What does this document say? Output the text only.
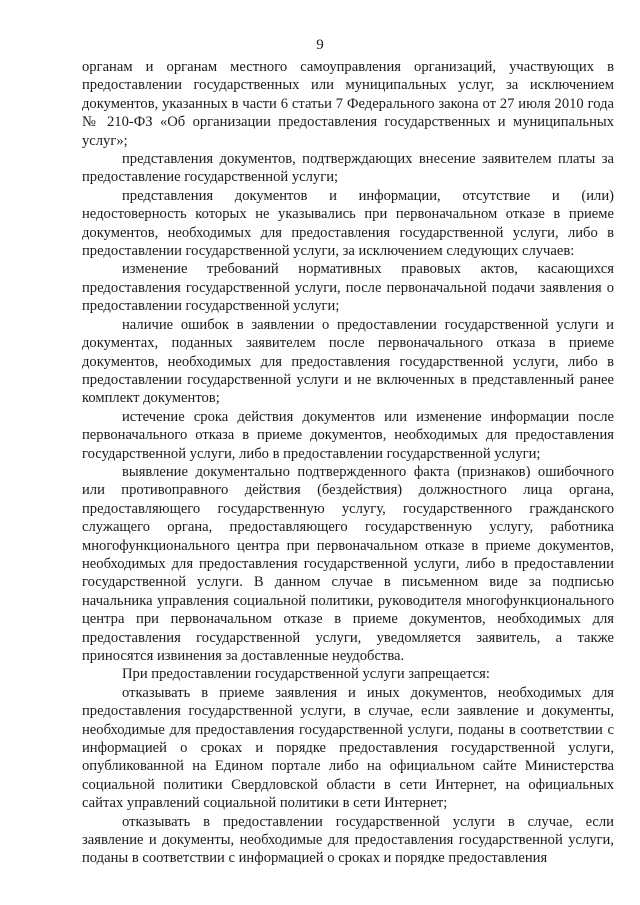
9

органам и органам местного самоуправления организаций, участвующих в предоставлении государственных или муниципальных услуг, за исключением документов, указанных в части 6 статьи 7 Федерального закона от 27 июля 2010 года № 210-ФЗ «Об организации предоставления государственных и муниципальных услуг»;

представления документов, подтверждающих внесение заявителем платы за предоставление государственной услуги;

представления документов и информации, отсутствие и (или) недостоверность которых не указывались при первоначальном отказе в приеме документов, необходимых для предоставления государственной услуги, либо в предоставлении государственной услуги, за исключением следующих случаев:

изменение требований нормативных правовых актов, касающихся предоставления государственной услуги, после первоначальной подачи заявления о предоставлении государственной услуги;

наличие ошибок в заявлении о предоставлении государственной услуги и документах, поданных заявителем после первоначального отказа в приеме документов, необходимых для предоставления государственной услуги, либо в предоставлении государственной услуги и не включенных в представленный ранее комплект документов;

истечение срока действия документов или изменение информации после первоначального отказа в приеме документов, необходимых для предоставления государственной услуги, либо в предоставлении государственной услуги;

выявление документально подтвержденного факта (признаков) ошибочного или противоправного действия (бездействия) должностного лица органа, предоставляющего государственную услугу, государственного гражданского служащего органа, предоставляющего государственную услугу, работника многофункционального центра при первоначальном отказе в приеме документов, необходимых для предоставления государственной услуги, либо в предоставлении государственной услуги. В данном случае в письменном виде за подписью начальника управления социальной политики, руководителя многофункционального центра при первоначальном отказе в приеме документов, необходимых для предоставления государственной услуги, уведомляется заявитель, а также приносятся извинения за доставленные неудобства.

При предоставлении государственной услуги запрещается:

отказывать в приеме заявления и иных документов, необходимых для предоставления государственной услуги, в случае, если заявление и документы, необходимые для предоставления государственной услуги, поданы в соответствии с информацией о сроках и порядке предоставления государственной услуги, опубликованной на Едином портале либо на официальном сайте Министерства социальной политики Свердловской области в сети Интернет, на официальных сайтах управлений социальной политики в сети Интернет;

отказывать в предоставлении государственной услуги в случае, если заявление и документы, необходимые для предоставления государственной услуги, поданы в соответствии с информацией о сроках и порядке предоставления
